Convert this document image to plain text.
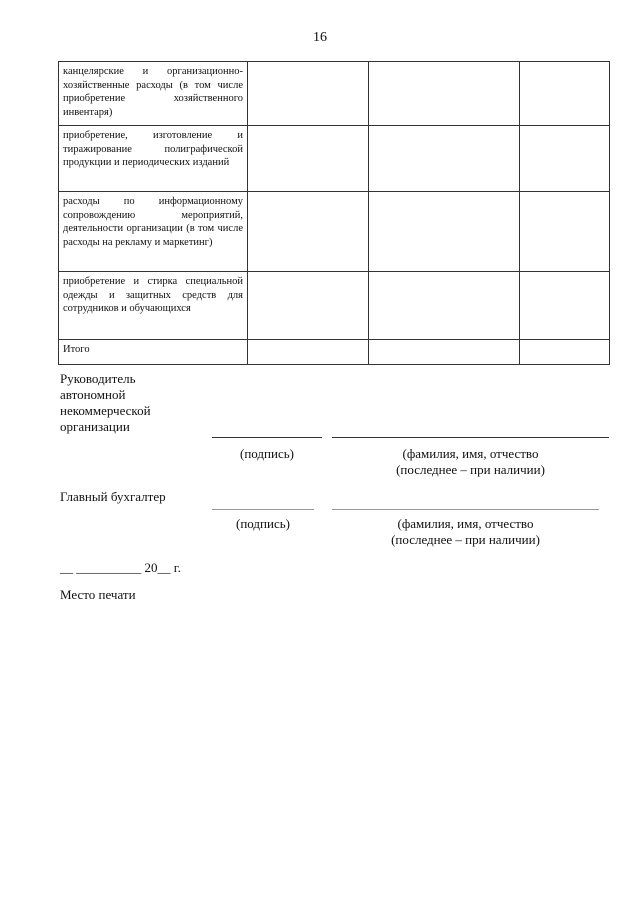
16
канцелярские и организационно-хозяйственные расходы (в том числе приобретение хозяйственного инвентаря)			
приобретение, изготовление и тиражирование полиграфической продукции и периодических изданий			
расходы по информационному сопровождению мероприятий, деятельности организации (в том числе расходы на рекламу и маркетинг)			
приобретение и стирка специальной одежды и защитных средств для сотрудников и обучающихся			
Итого			
Руководитель автономной некоммерческой организации
(подпись)	(фамилия, имя, отчество
(последнее – при наличии)
Главный бухгалтер
(подпись)	(фамилия, имя, отчество
(последнее – при наличии)
__ __________ 20__ г.
Место печати
